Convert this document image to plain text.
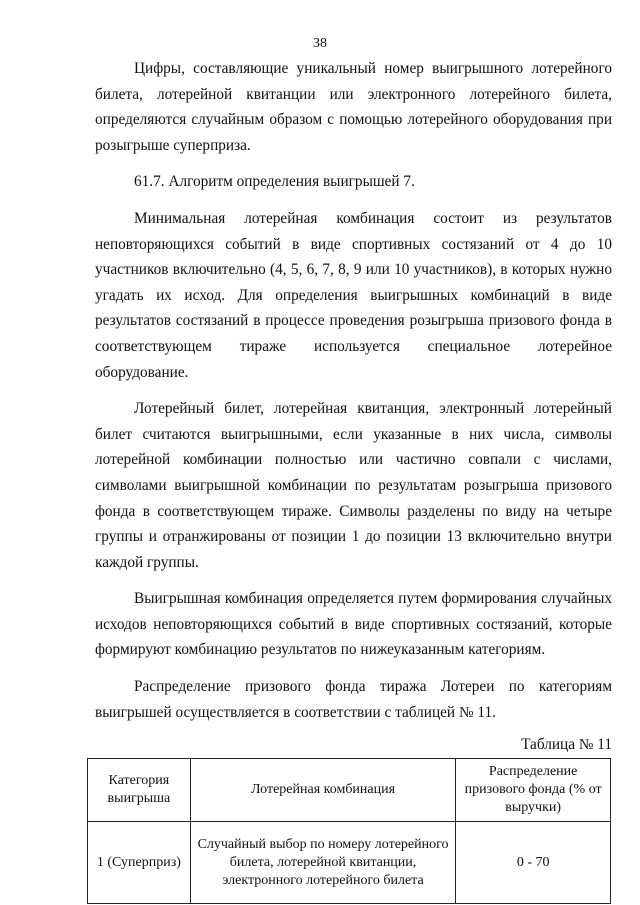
38

Цифры, составляющие уникальный номер выигрышного лотерейного билета, лотерейной квитанции или электронного лотерейного билета, определяются случайным образом с помощью лотерейного оборудования при розыгрыше суперприза.

61.7. Алгоритм определения выигрышей 7.

Минимальная лотерейная комбинация состоит из результатов неповторяющихся событий в виде спортивных состязаний от 4 до 10 участников включительно (4, 5, 6, 7, 8, 9 или 10 участников), в которых нужно угадать их исход. Для определения выигрышных комбинаций в виде результатов состязаний в процессе проведения розыгрыша призового фонда в соответствующем тираже используется специальное лотерейное оборудование.

Лотерейный билет, лотерейная квитанция, электронный лотерейный билет считаются выигрышными, если указанные в них числа, символы лотерейной комбинации полностью или частично совпали с числами, символами выигрышной комбинации по результатам розыгрыша призового фонда в соответствующем тираже. Символы разделены по виду на четыре группы и отранжированы от позиции 1 до позиции 13 включительно внутри каждой группы.

Выигрышная комбинация определяется путем формирования случайных исходов неповторяющихся событий в виде спортивных состязаний, которые формируют комбинацию результатов по нижеуказанным категориям.

Распределение призового фонда тиража Лотереи по категориям выигрышей осуществляется в соответствии с таблицей № 11.

Таблица № 11
Категория выигрыша	Лотерейная комбинация	Распределение призового фонда (% от выручки)
1 (Суперприз)	Случайный выбор по номеру лотерейного билета, лотерейной квитанции, электронного лотерейного билета	0 - 70
